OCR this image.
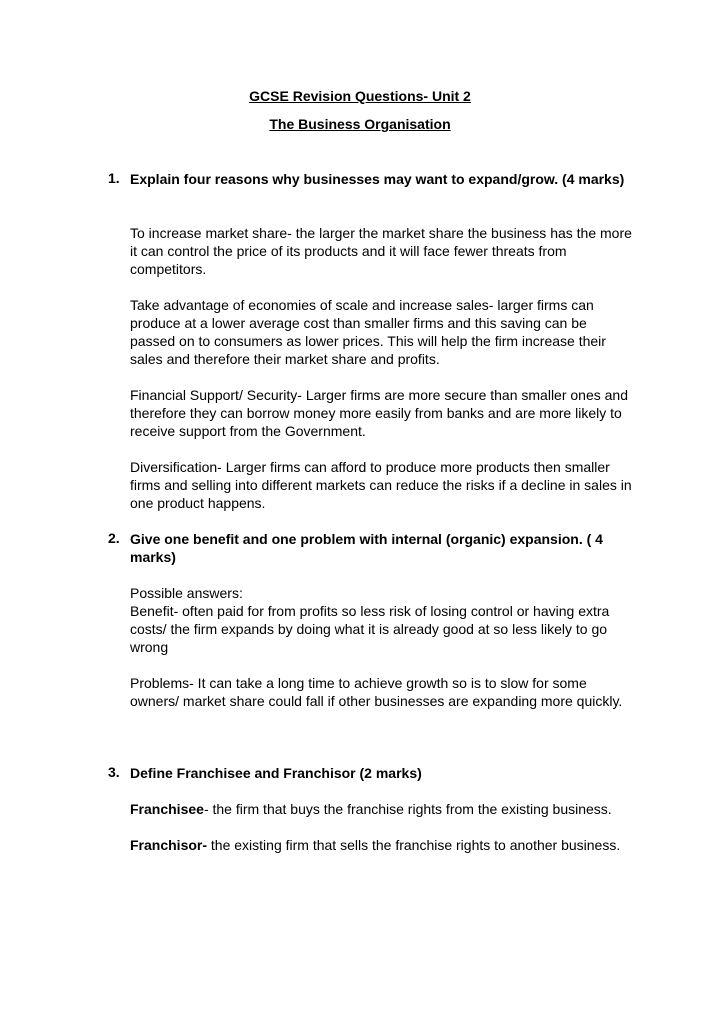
GCSE Revision Questions- Unit 2
The Business Organisation
1. Explain four reasons why businesses may want to expand/grow. (4 marks)
To increase market share- the larger the market share the business has the more it can control the price of its products and it will face fewer threats from competitors.
Take advantage of economies of scale and increase sales- larger firms can produce at a lower average cost than smaller firms and this saving can be passed on to consumers as lower prices. This will help the firm increase their sales and therefore their market share and profits.
Financial Support/ Security- Larger firms are more secure than smaller ones and therefore they can borrow money more easily from banks and are more likely to receive support from the Government.
Diversification- Larger firms can afford to produce more products then smaller firms and selling into different markets can reduce the risks if a decline in sales in one product happens.
2. Give one benefit and one problem with internal (organic) expansion. ( 4 marks)
Possible answers:
Benefit- often paid for from profits so less risk of losing control or having extra costs/ the firm expands by doing what it is already good at so less likely to go wrong
Problems- It can take a long time to achieve growth so is to slow for some owners/ market share could fall if other businesses are expanding more quickly.
3. Define Franchisee and Franchisor (2 marks)
Franchisee- the firm that buys the franchise rights from the existing business.
Franchisor- the existing firm that sells the franchise rights to another business.
